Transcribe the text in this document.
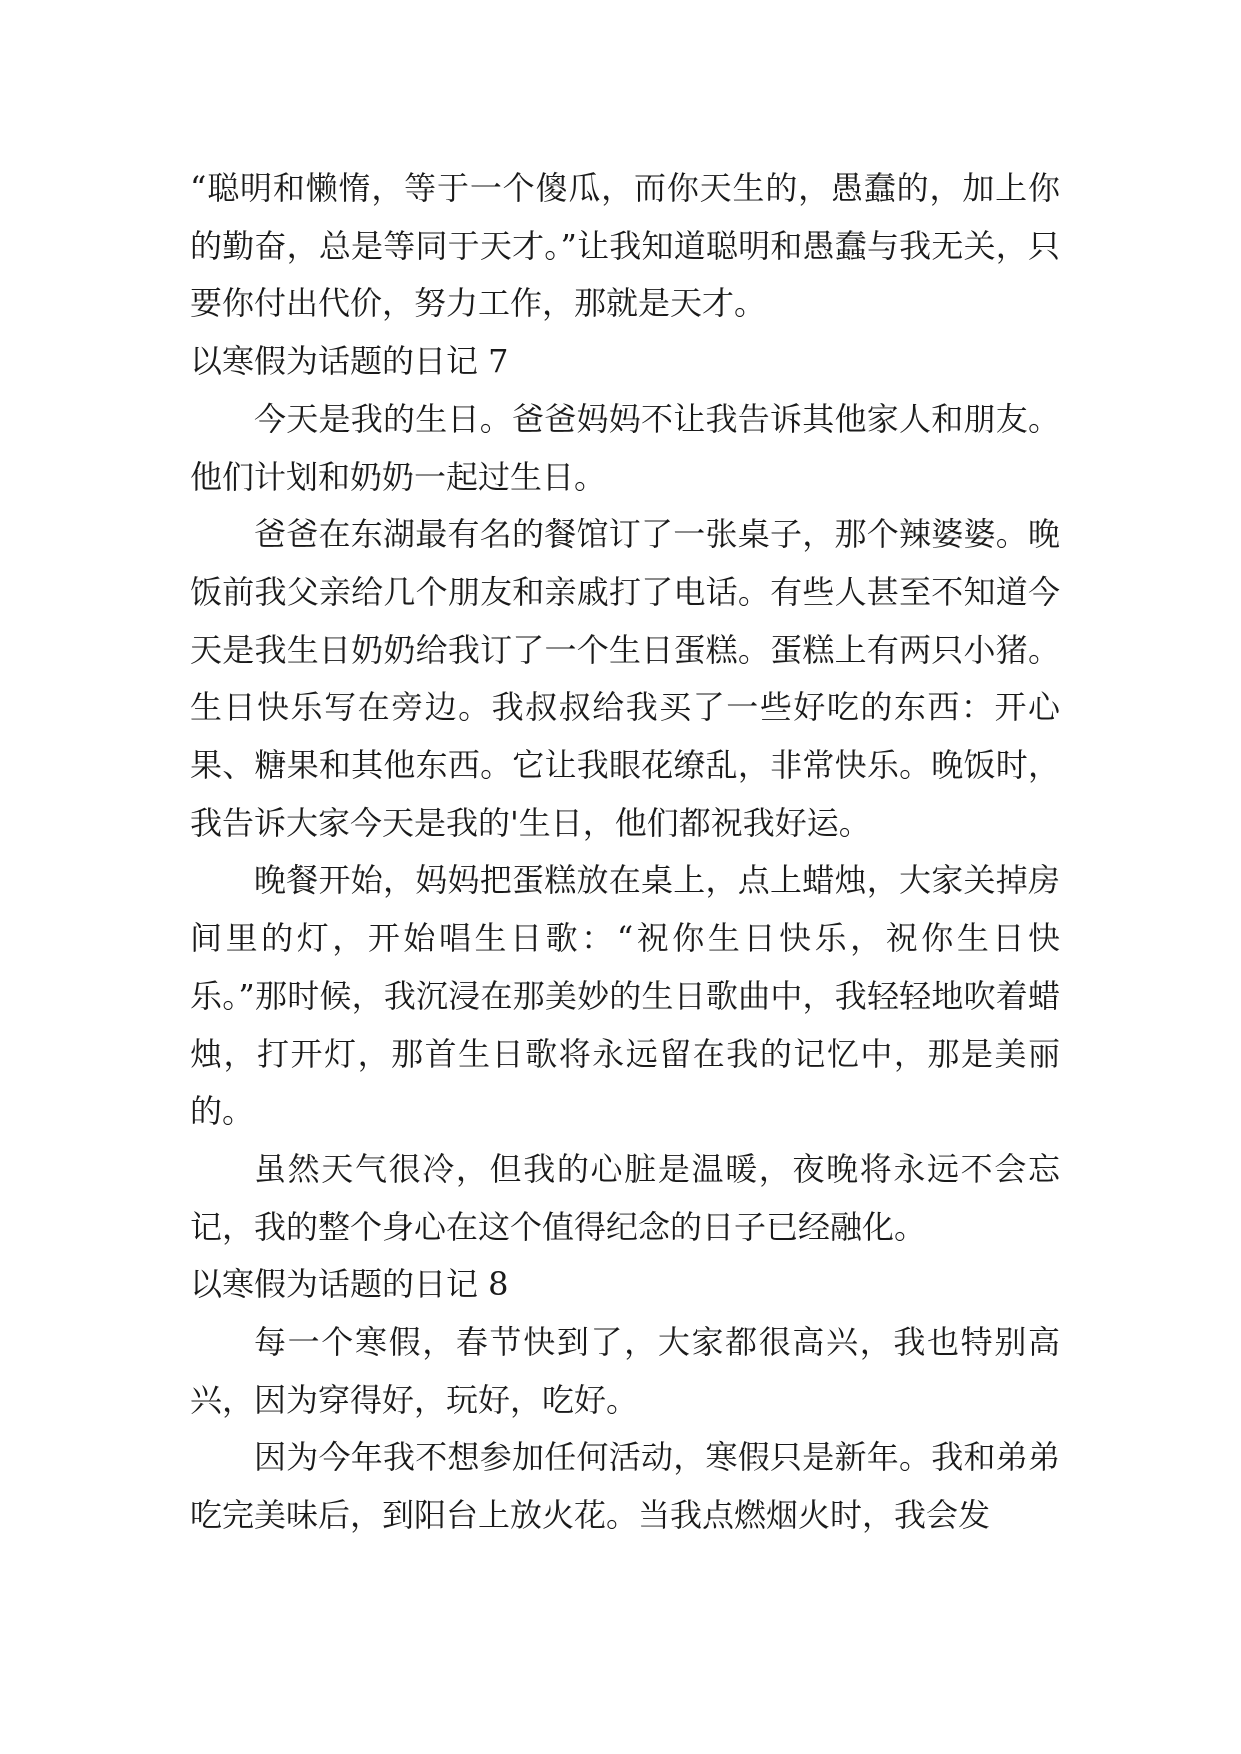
“聪明和懒惰，等于一个傻瓜，而你天生的，愚蠢的，加上你的勤奋，总是等同于天才。”让我知道聪明和愚蠢与我无关，只要你付出代价，努力工作，那就是天才。

以寒假为话题的日记 7

今天是我的生日。爸爸妈妈不让我告诉其他家人和朋友。他们计划和奶奶一起过生日。

爸爸在东湖最有名的餐馆订了一张桌子，那个辣婆婆。晚饭前我父亲给几个朋友和亲戚打了电话。有些人甚至不知道今天是我生日奶奶给我订了一个生日蛋糕。蛋糕上有两只小猪。生日快乐写在旁边。我叔叔给我买了一些好吃的东西：开心果、糖果和其他东西。它让我眼花缭乱，非常快乐。晚饭时，我告诉大家今天是我的'生日，他们都祝我好运。

晚餐开始，妈妈把蛋糕放在桌上，点上蜡烛，大家关掉房间里的灯，开始唱生日歌：“祝你生日快乐，祝你生日快乐。”那时候，我沉浸在那美妙的生日歌曲中，我轻轻地吹着蜡烛，打开灯，那首生日歌将永远留在我的记忆中，那是美丽的。

虽然天气很冷，但我的心脏是温暖，夜晚将永远不会忘记，我的整个身心在这个值得纪念的日子已经融化。

以寒假为话题的日记 8

每一个寒假，春节快到了，大家都很高兴，我也特别高兴，因为穿得好，玩好，吃好。

因为今年我不想参加任何活动，寒假只是新年。我和弟弟吃完美味后，到阳台上放火花。当我点燃烟火时，我会发
